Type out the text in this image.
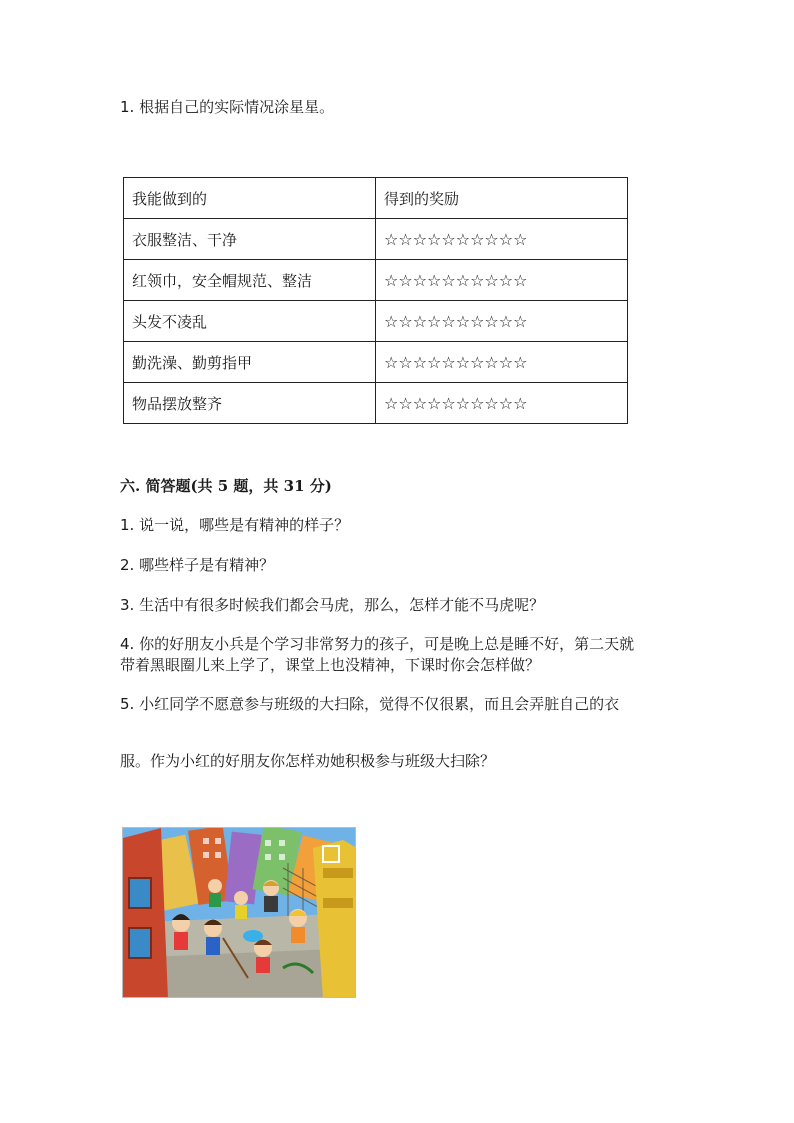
1. 根据自己的实际情况涂星星。
我能做到的	得到的奖励
衣服整洁、干净	☆☆☆☆☆☆☆☆☆☆
红领巾，安全帽规范、整洁	☆☆☆☆☆☆☆☆☆☆
头发不凌乱	☆☆☆☆☆☆☆☆☆☆
勤洗澡、勤剪指甲	☆☆☆☆☆☆☆☆☆☆
物品摆放整齐	☆☆☆☆☆☆☆☆☆☆
六. 简答题(共 5 题，共 31 分)
1. 说一说，哪些是有精神的样子？
2. 哪些样子是有精神？
3. 生活中有很多时候我们都会马虎，那么，怎样才能不马虎呢？
4. 你的好朋友小兵是个学习非常努力的孩子，可是晚上总是睡不好，第二天就
带着黑眼圈儿来上学了，课堂上也没精神，下课时你会怎样做？
5. 小红同学不愿意参与班级的大扫除，觉得不仅很累，而且会弄脏自己的衣
服。作为小红的好朋友你怎样劝她积极参与班级大扫除？
